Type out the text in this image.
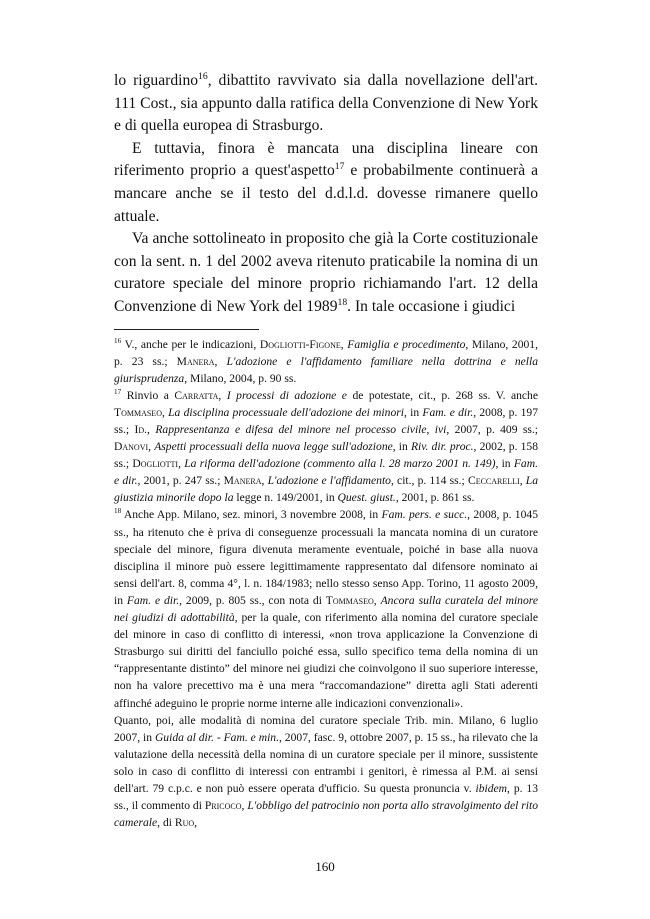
lo riguardino$^{16}$, dibattito ravvivato sia dalla novellazione dell'art. 111 Cost., sia appunto dalla ratifica della Convenzione di New York e di quella europea di Strasburgo.

E tuttavia, finora è mancata una disciplina lineare con riferimento proprio a quest'aspetto$^{17}$ e probabilmente continuerà a mancare anche se il testo del d.d.l.d. dovesse rimanere quello attuale.

Va anche sottolineato in proposito che già la Corte costituzionale con la sent. n. 1 del 2002 aveva ritenuto praticabile la nomina di un curatore speciale del minore proprio richiamando l'art. 12 della Convenzione di New York del 1989$^{18}$. In tale occasione i giudici

$^{16}$ V., anche per le indicazioni, Dogliotti-Figone, Famiglia e procedimento, Milano, 2001, p. 23 ss.; Manera, L'adozione e l'affidamento familiare nella dottrina e nella giurisprudenza, Milano, 2004, p. 90 ss.

$^{17}$ Rinvio a Carratta, I processi di adozione e de potestate, cit., p. 268 ss. V. anche Tommaseo, La disciplina processuale dell'adozione dei minori, in Fam. e dir., 2008, p. 197 ss.; Id., Rappresentanza e difesa del minore nel processo civile, ivi, 2007, p. 409 ss.; Danovi, Aspetti processuali della nuova legge sull'adozione, in Riv. dir. proc., 2002, p. 158 ss.; Dogliotti, La riforma dell'adozione (commento alla l. 28 marzo 2001 n. 149), in Fam. e dir., 2001, p. 247 ss.; Manera, L'adozione e l'affidamento, cit., p. 114 ss.; Ceccarelli, La giustizia minorile dopo la legge n. 149/2001, in Quest. giust., 2001, p. 861 ss.

$^{18}$ Anche App. Milano, sez. minori, 3 novembre 2008, in Fam. pers. e succ., 2008, p. 1045 ss., ha ritenuto che è priva di conseguenze processuali la mancata nomina di un curatore speciale del minore, figura divenuta meramente eventuale, poiché in base alla nuova disciplina il minore può essere legittimamente rappresentato dal difensore nominato ai sensi dell'art. 8, comma 4°, l. n. 184/1983; nello stesso senso App. Torino, 11 agosto 2009, in Fam. e dir., 2009, p. 805 ss., con nota di Tommaseo, Ancora sulla curatela del minore nei giudizi di adottabilità, per la quale, con riferimento alla nomina del curatore speciale del minore in caso di conflitto di interessi, «non trova applicazione la Convenzione di Strasburgo sui diritti del fanciullo poiché essa, sullo specifico tema della nomina di un “rappresentante distinto” del minore nei giudizi che coinvolgono il suo superiore interesse, non ha valore precettivo ma è una mera “raccomandazione” diretta agli Stati aderenti affinché adeguino le proprie norme interne alle indicazioni convenzionali».

Quanto, poi, alle modalità di nomina del curatore speciale Trib. min. Milano, 6 luglio 2007, in Guida al dir. - Fam. e min., 2007, fasc. 9, ottobre 2007, p. 15 ss., ha rilevato che la valutazione della necessità della nomina di un curatore speciale per il minore, sussistente solo in caso di conflitto di interessi con entrambi i genitori, è rimessa al P.M. ai sensi dell'art. 79 c.p.c. e non può essere operata d'ufficio. Su questa pronuncia v. ibidem, p. 13 ss., il commento di Pricoco, L'obbligo del patrocinio non porta allo stravolgimento del rito camerale, di Ruo,

160
